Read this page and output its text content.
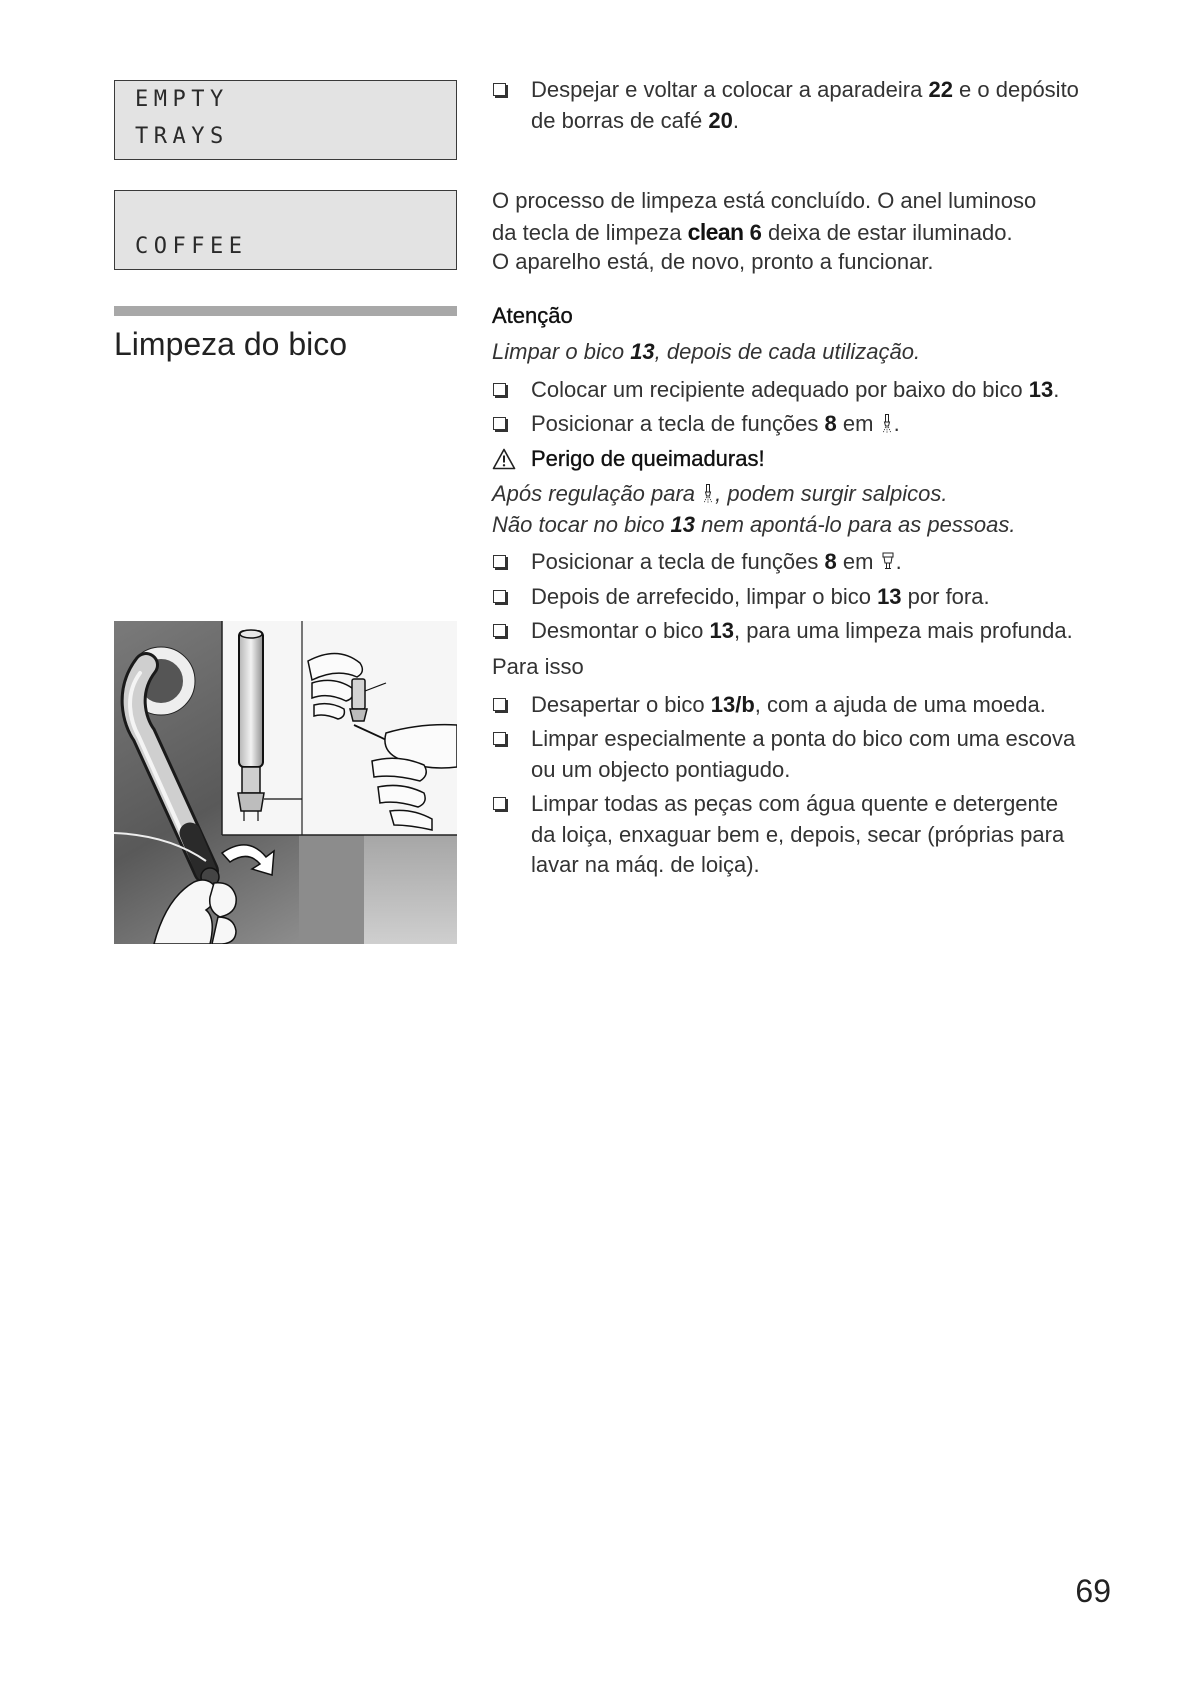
EMPTY
TRAYS
COFFEE
Limpeza do bico
Despejar e voltar a colocar a aparadeira 22 e o depósito
de borras de café 20.
O processo de limpeza está concluído. O anel luminoso
da tecla de limpeza clean 6 deixa de estar iluminado.
O aparelho está, de novo, pronto a funcionar.
Atenção
Limpar o bico 13, depois de cada utilização.
Colocar um recipiente adequado por baixo do bico 13.
Posicionar a tecla de funções 8 em .
Perigo de queimaduras!
Após regulação para , podem surgir salpicos.
Não tocar no bico 13 nem apontá-lo para as pessoas.
Posicionar a tecla de funções 8 em .
Depois de arrefecido, limpar o bico 13 por fora.
Desmontar o bico 13, para uma limpeza mais profunda.
Para isso
Desapertar o bico 13/b, com a ajuda de uma moeda.
Limpar especialmente a ponta do bico com uma escova
ou um objecto pontiagudo.
Limpar todas as peças com água quente e detergente
da loiça, enxaguar bem e, depois, secar (próprias para
lavar na máq. de loiça).
69
